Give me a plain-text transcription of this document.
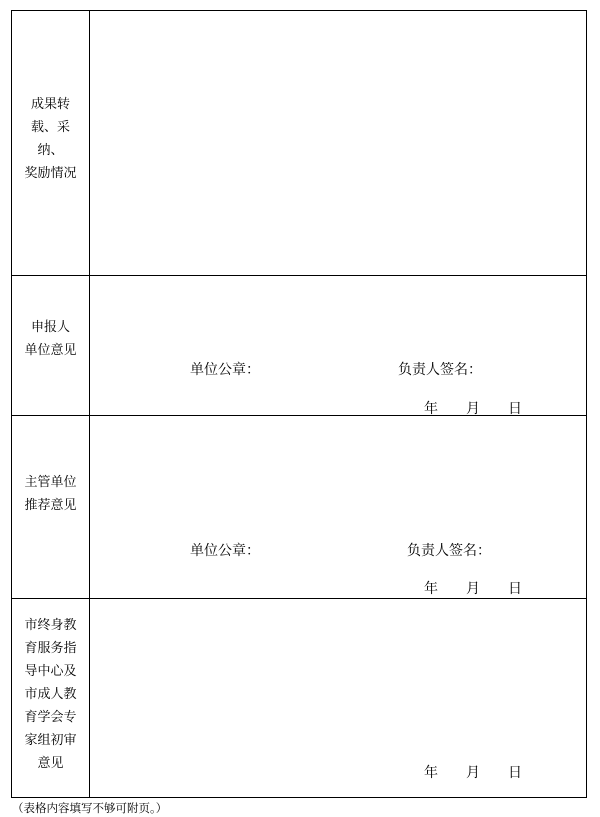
成果转
载、采纳、
奖励情况
申报人
单位意见
单位公章：	负责人签名：
年 月 日
主管单位
推荐意见
单位公章：	负责人签名：
年 月 日
市终身教
育服务指
导中心及
市成人教
育学会专
家组初审
意见
年 月 日
（表格内容填写不够可附页。）
